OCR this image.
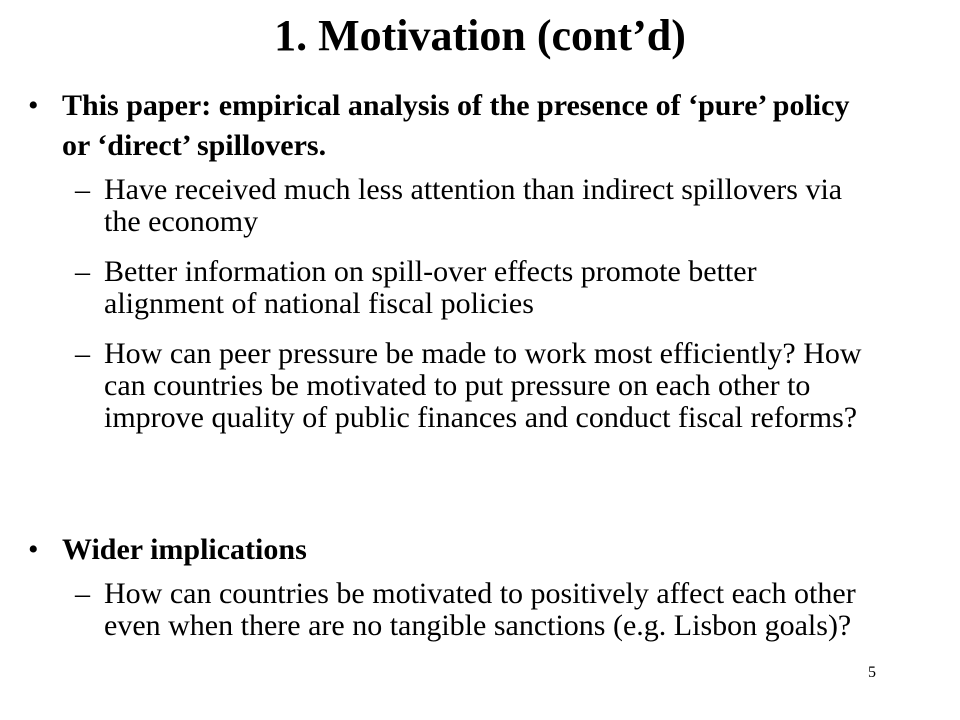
1. Motivation (cont’d)
• This paper: empirical analysis of the presence of ‘pure’ policy or ‘direct’ spillovers.
– Have received much less attention than indirect spillovers via the economy
– Better information on spill-over effects promote better alignment of national fiscal policies
– How can peer pressure be made to work most efficiently? How can countries be motivated to put pressure on each other to improve quality of public finances and conduct fiscal reforms?
• Wider implications
– How can countries be motivated to positively affect each other even when there are no tangible sanctions (e.g. Lisbon goals)?
5
